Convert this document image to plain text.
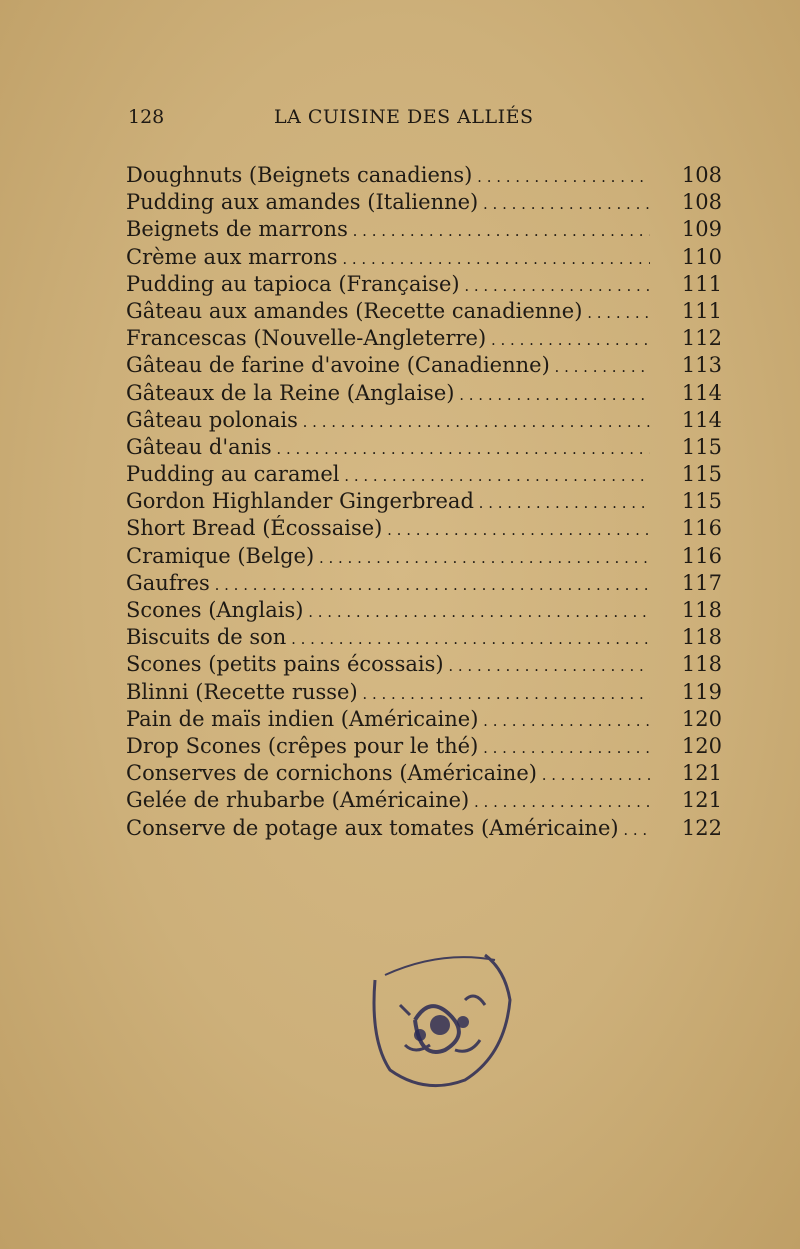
128	LA CUISINE DES ALLIÉS
Doughnuts (Beignets canadiens) . . .	108
Pudding aux amandes (Italienne) . . .	108
Beignets de marrons . . .	109
Crème aux marrons . . .	110
Pudding au tapioca (Française) . . .	111
Gâteau aux amandes (Recette canadienne) . . .	111
Francescas (Nouvelle-Angleterre) . . .	112
Gâteau de farine d'avoine (Canadienne) . . .	113
Gâteaux de la Reine (Anglaise) . . .	114
Gâteau polonais . . .	114
Gâteau d'anis . . .	115
Pudding au caramel . . .	115
Gordon Highlander Gingerbread . . .	115
Short Bread (Écossaise) . . .	116
Cramique (Belge) . . .	116
Gaufres . . .	117
Scones (Anglais) . . .	118
Biscuits de son . . .	118
Scones (petits pains écossais) . . .	118
Blinni (Recette russe) . . .	119
Pain de maïs indien (Américaine) . . .	120
Drop Scones (crêpes pour le thé) . . .	120
Conserves de cornichons (Américaine) . . .	121
Gelée de rhubarbe (Américaine) . . .	121
Conserve de potage aux tomates (Américaine) . . .	122
